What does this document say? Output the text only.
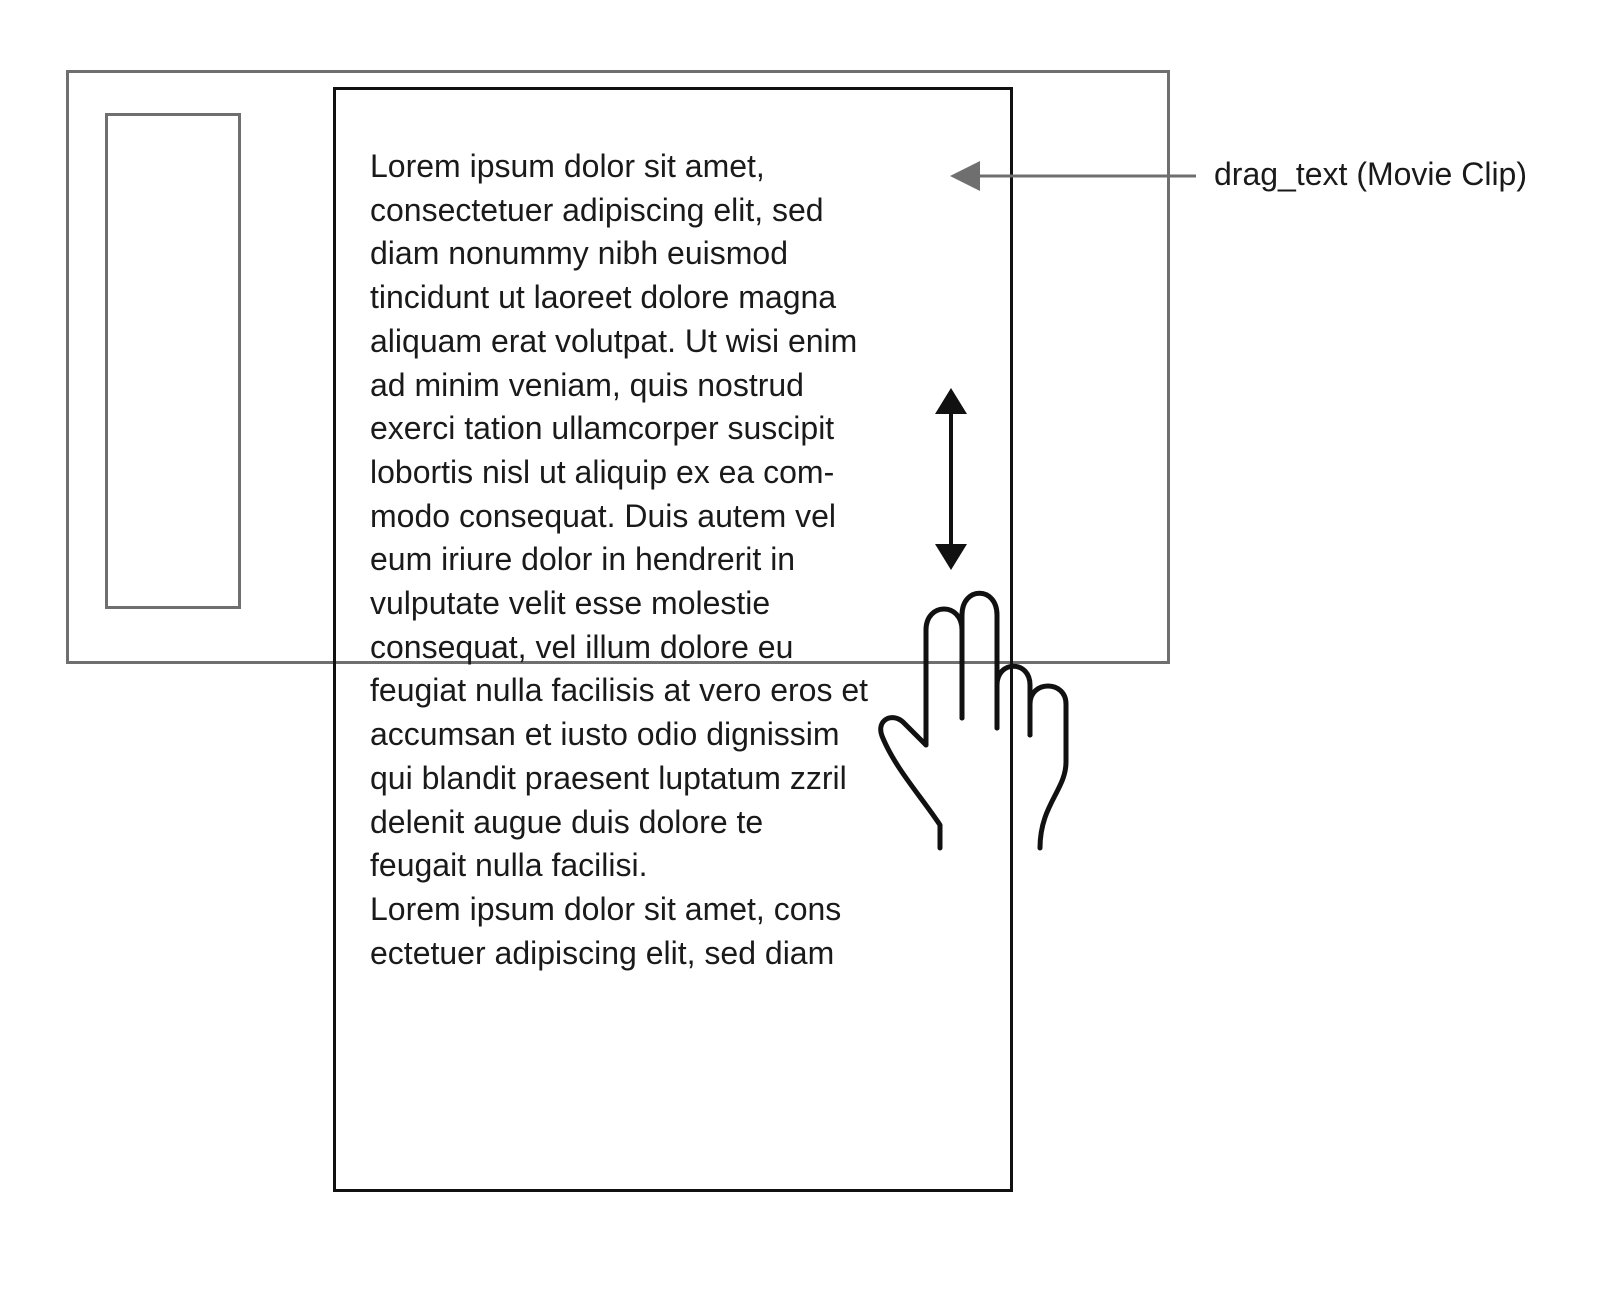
Lorem ipsum dolor sit amet,
consectetuer adipiscing elit, sed
diam nonummy nibh euismod
tincidunt ut laoreet dolore magna
aliquam erat volutpat. Ut wisi enim
ad minim veniam, quis nostrud
exerci tation ullamcorper suscipit
lobortis nisl ut aliquip ex ea com-
modo consequat. Duis autem vel
eum iriure dolor in hendrerit in
vulputate velit esse molestie
consequat, vel illum dolore eu
feugiat nulla facilisis at vero eros et
accumsan et iusto odio dignissim
qui blandit praesent luptatum zzril
delenit augue duis dolore te
feugait nulla facilisi.
Lorem ipsum dolor sit amet, cons
ectetuer adipiscing elit, sed diam
drag_text (Movie Clip)
